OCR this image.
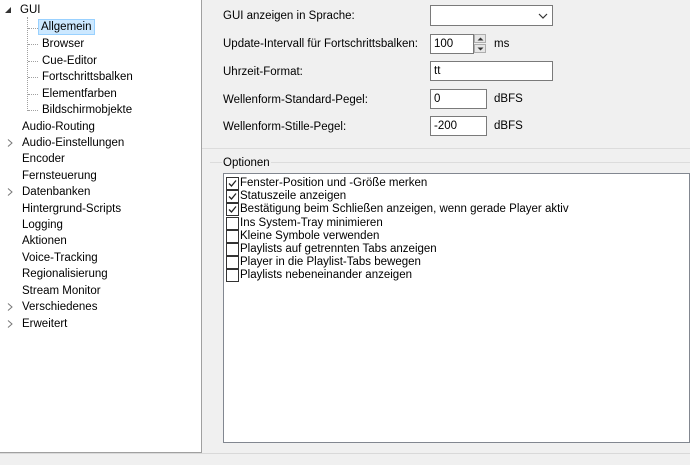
GUI
Allgemein
Browser
Cue-Editor
Fortschrittsbalken
Elementfarben
Bildschirmobjekte
Audio-Routing
Audio-Einstellungen
Encoder
Fernsteuerung
Datenbanken
Hintergrund-Scripts
Logging
Aktionen
Voice-Tracking
Regionalisierung
Stream Monitor
Verschiedenes
Erweitert
GUI anzeigen in Sprache:
Update-Intervall für Fortschrittsbalken:	100	ms
Uhrzeit-Format:	tt
Wellenform-Standard-Pegel:	0	dBFS
Wellenform-Stille-Pegel:	-200	dBFS
Optionen
Fenster-Position und -Größe merken
Statuszeile anzeigen
Bestätigung beim Schließen anzeigen, wenn gerade Player aktiv
Ins System-Tray minimieren
Kleine Symbole verwenden
Playlists auf getrennten Tabs anzeigen
Player in die Playlist-Tabs bewegen
Playlists nebeneinander anzeigen
